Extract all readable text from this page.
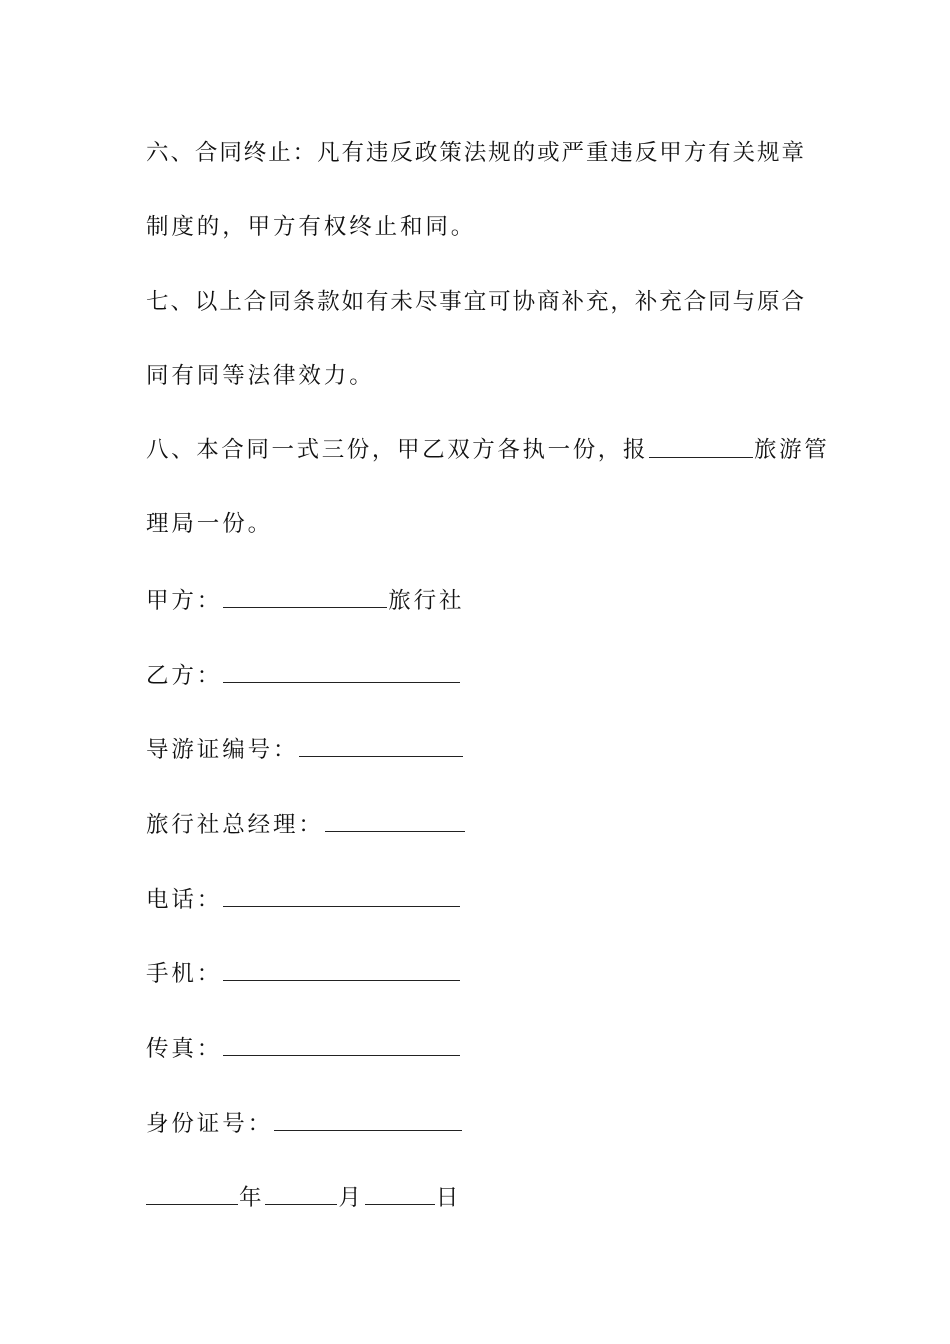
六、合同终止：凡有违反政策法规的或严重违反甲方有关规章
制度的，甲方有权终止和同。
七、以上合同条款如有未尽事宜可协商补充，补充合同与原合
同有同等法律效力。
八、本合同一式三份，甲乙双方各执一份，报	旅游管
理局一份。
甲方：	旅行社
乙方：
导游证编号：
旅行社总经理：
电话：
手机：
传真：
身份证号：
年	月	日
